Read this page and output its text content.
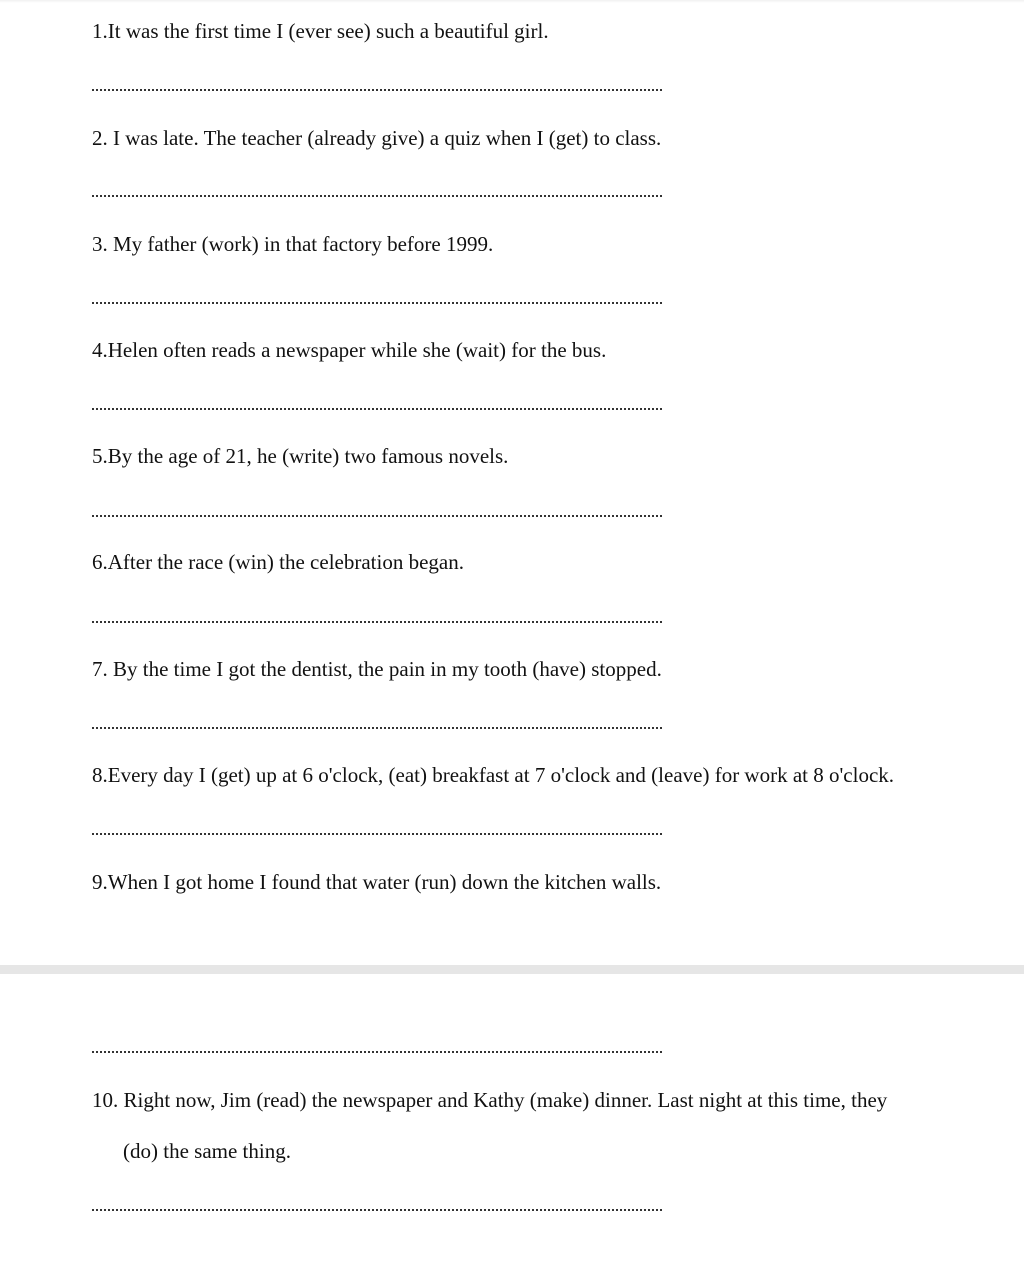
1.It was the first time I (ever see) such a beautiful girl.
2. I was late. The teacher (already give) a quiz when I (get) to class.
3. My father (work) in that factory before 1999.
4.Helen often reads a newspaper while she (wait) for the bus.
5.By the age of 21, he (write) two famous novels.
6.After the race (win) the celebration began.
7. By the time I got the dentist, the pain in my tooth (have) stopped.
8.Every day I (get) up at 6 o'clock, (eat) breakfast at 7 o'clock and (leave) for work at 8 o'clock.
9.When I got home I found that water (run) down the kitchen walls.
10. Right now, Jim (read) the newspaper and Kathy (make) dinner. Last night at this time, they
(do) the same thing.
